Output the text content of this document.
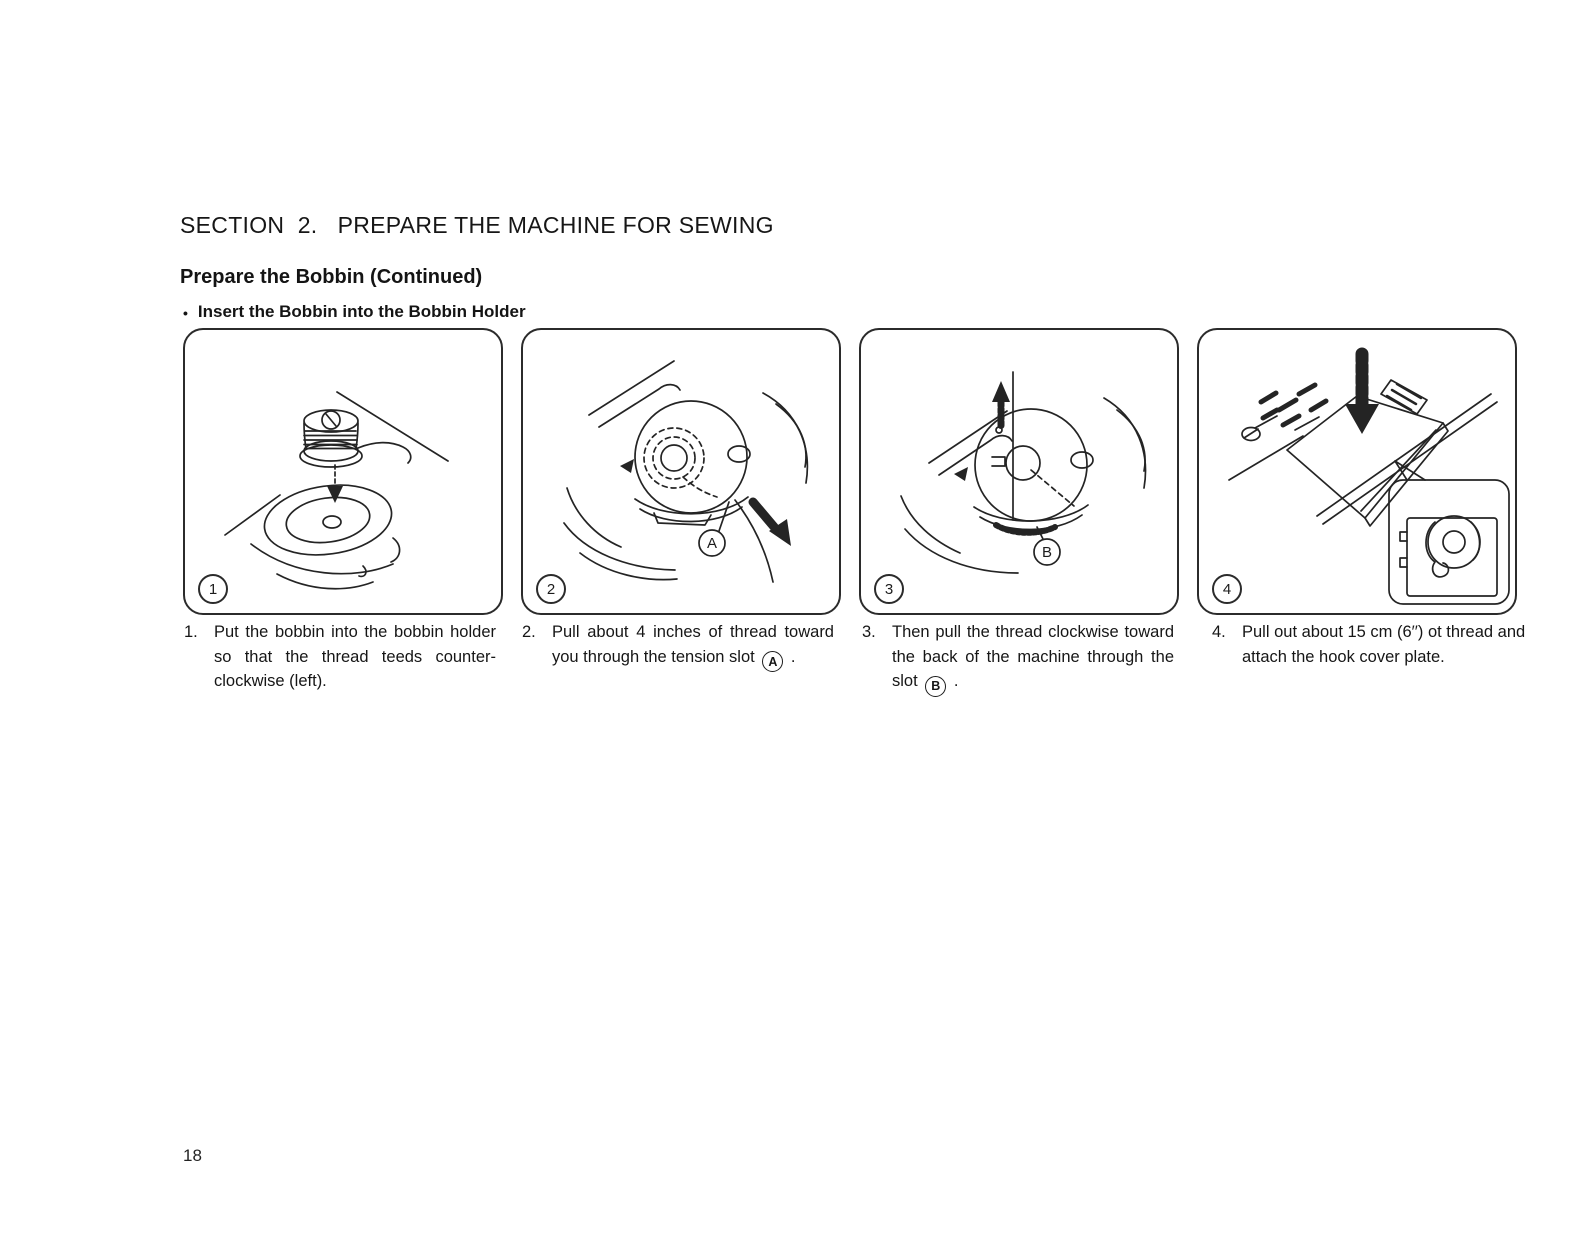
SECTION  2.   PREPARE THE MACHINE FOR SEWING
Prepare the Bobbin (Continued)
• Insert the Bobbin into the Bobbin Holder
1
A
2
B
3	4
1. Put the bobbin into the bobbin holder so that the thread teeds counter-clockwise (left).
2. Pull about 4 inches of thread toward you through the tension slot A .
3. Then pull the thread clockwise toward the back of the machine through the slot B .
4. Pull out about 15 cm (6′′) ot thread and attach the hook cover plate.
18
